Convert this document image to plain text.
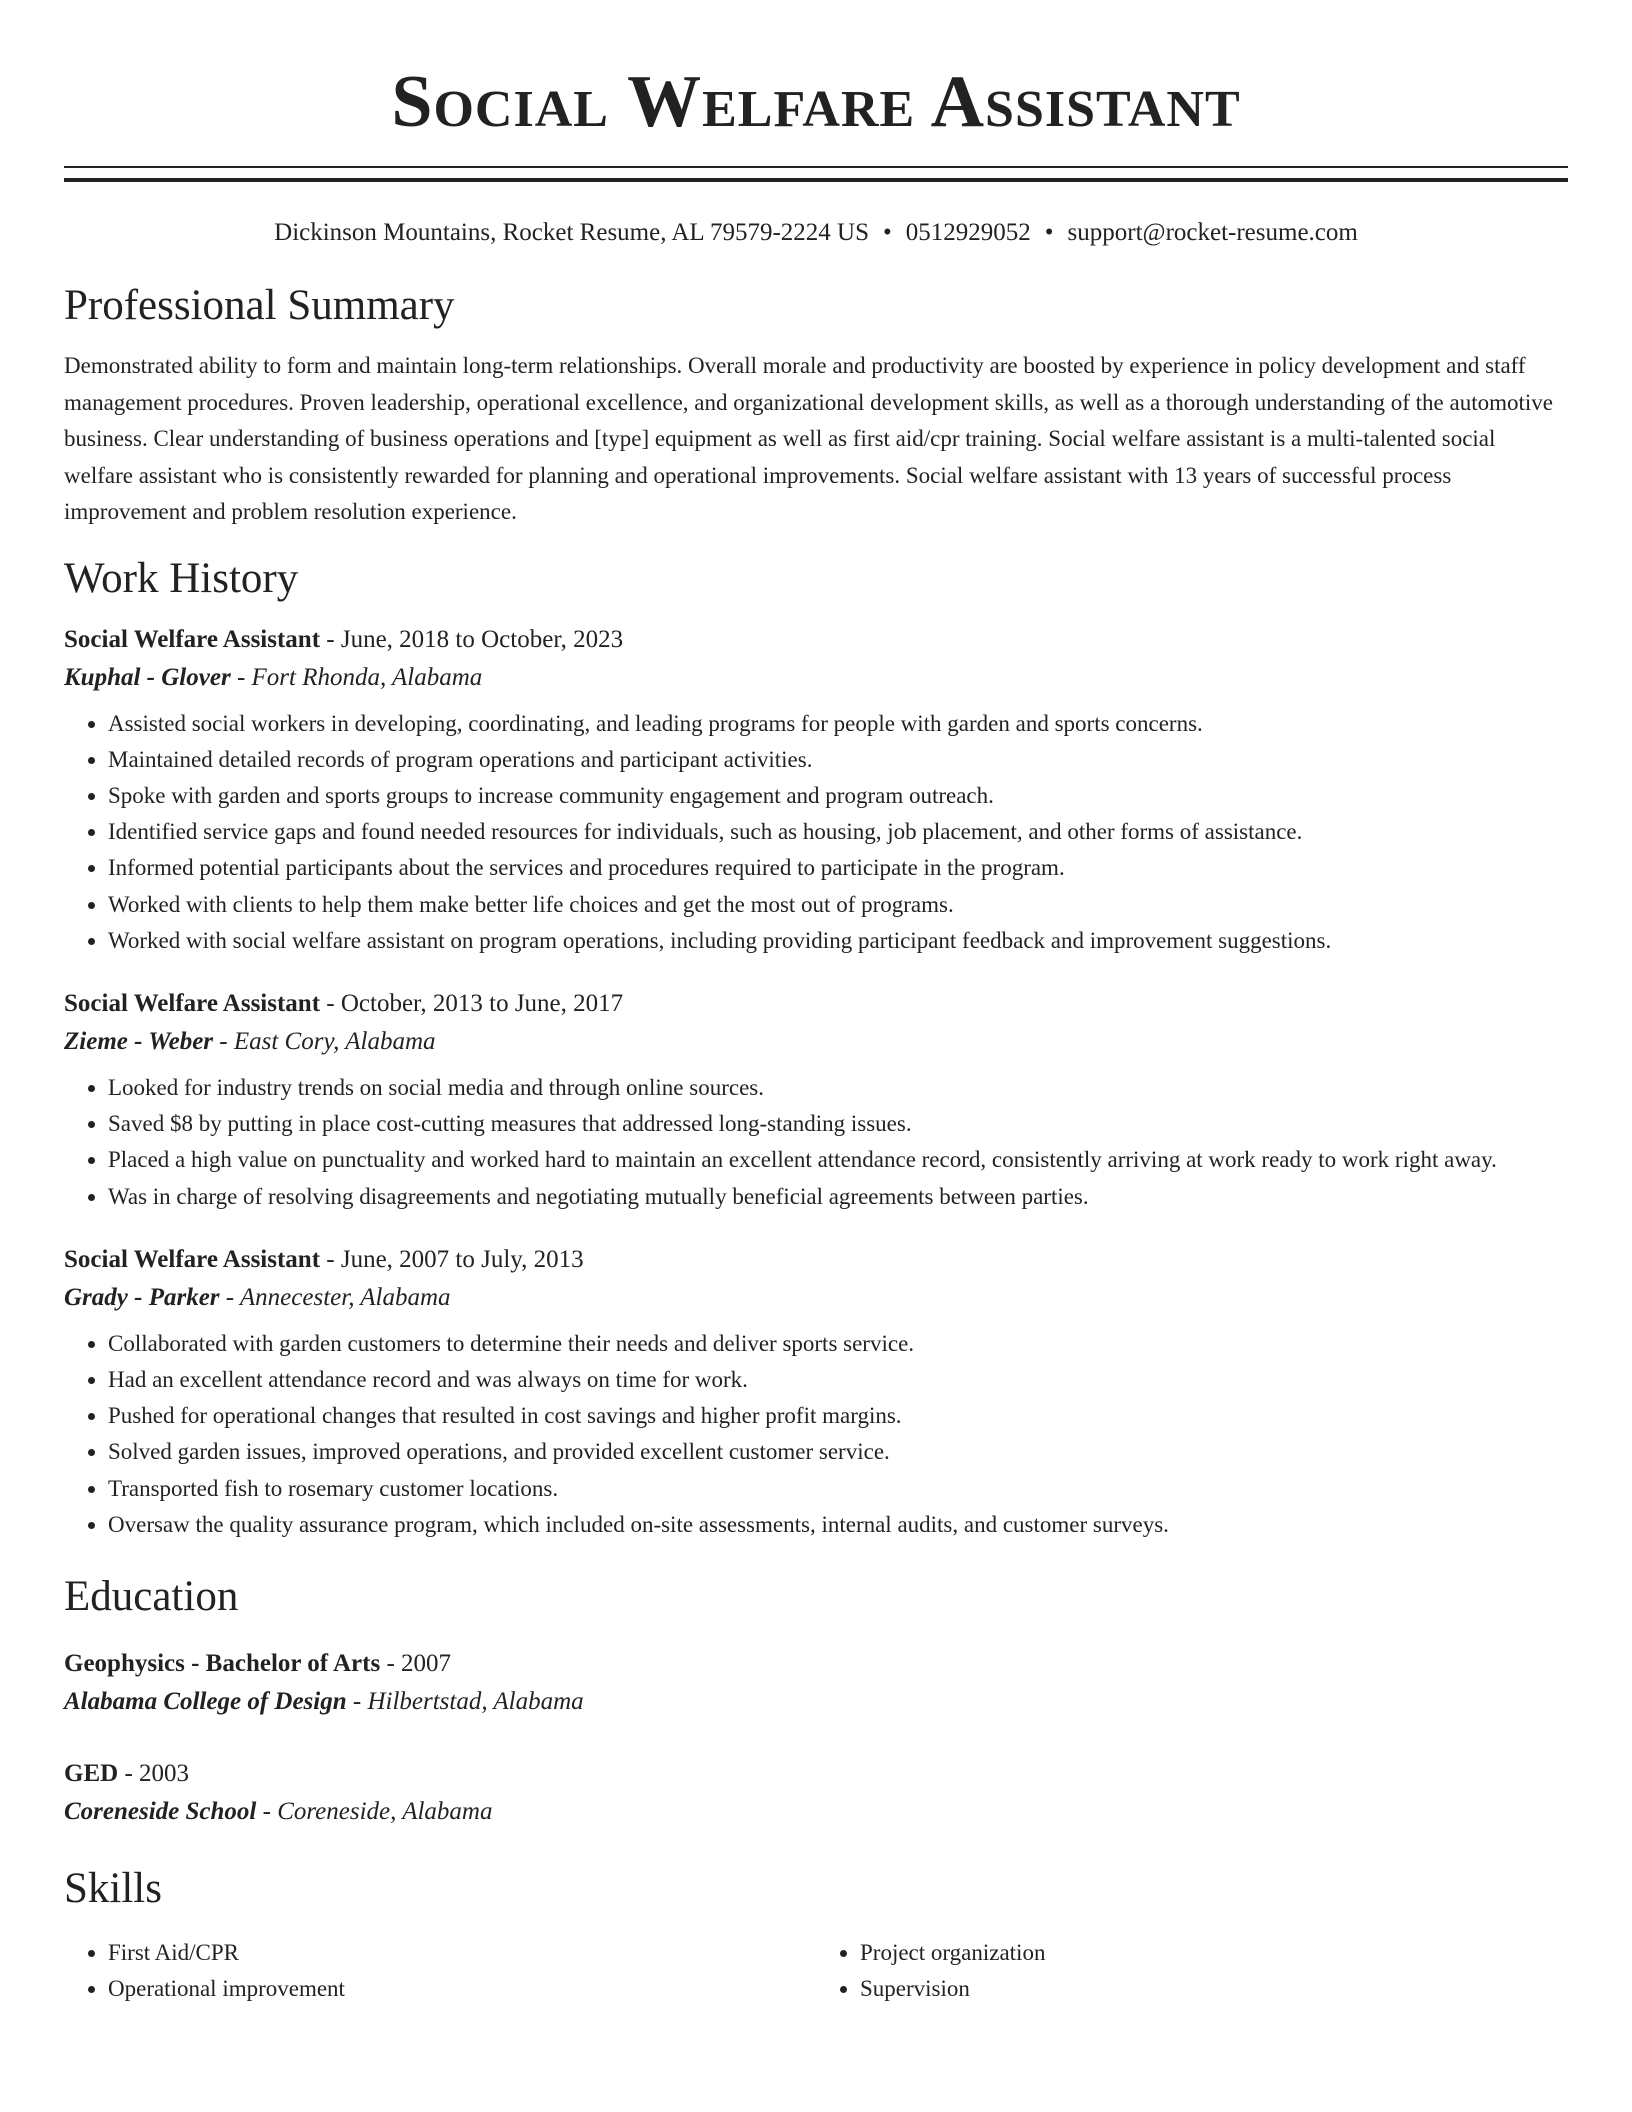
Social Welfare Assistant
Dickinson Mountains, Rocket Resume, AL 79579-2224 US • 0512929052 • support@rocket-resume.com
Professional Summary
Demonstrated ability to form and maintain long-term relationships. Overall morale and productivity are boosted by experience in policy development and staff management procedures. Proven leadership, operational excellence, and organizational development skills, as well as a thorough understanding of the automotive business. Clear understanding of business operations and [type] equipment as well as first aid/cpr training. Social welfare assistant is a multi-talented social welfare assistant who is consistently rewarded for planning and operational improvements. Social welfare assistant with 13 years of successful process improvement and problem resolution experience.
Work History
Social Welfare Assistant - June, 2018 to October, 2023
Kuphal - Glover - Fort Rhonda, Alabama
• Assisted social workers in developing, coordinating, and leading programs for people with garden and sports concerns.
• Maintained detailed records of program operations and participant activities.
• Spoke with garden and sports groups to increase community engagement and program outreach.
• Identified service gaps and found needed resources for individuals, such as housing, job placement, and other forms of assistance.
• Informed potential participants about the services and procedures required to participate in the program.
• Worked with clients to help them make better life choices and get the most out of programs.
• Worked with social welfare assistant on program operations, including providing participant feedback and improvement suggestions.
Social Welfare Assistant - October, 2013 to June, 2017
Zieme - Weber - East Cory, Alabama
• Looked for industry trends on social media and through online sources.
• Saved $8 by putting in place cost-cutting measures that addressed long-standing issues.
• Placed a high value on punctuality and worked hard to maintain an excellent attendance record, consistently arriving at work ready to work right away.
• Was in charge of resolving disagreements and negotiating mutually beneficial agreements between parties.
Social Welfare Assistant - June, 2007 to July, 2013
Grady - Parker - Annecester, Alabama
• Collaborated with garden customers to determine their needs and deliver sports service.
• Had an excellent attendance record and was always on time for work.
• Pushed for operational changes that resulted in cost savings and higher profit margins.
• Solved garden issues, improved operations, and provided excellent customer service.
• Transported fish to rosemary customer locations.
• Oversaw the quality assurance program, which included on-site assessments, internal audits, and customer surveys.
Education
Geophysics - Bachelor of Arts - 2007
Alabama College of Design - Hilbertstad, Alabama
GED - 2003
Coreneside School - Coreneside, Alabama
Skills
• First Aid/CPR
• Operational improvement
• Project organization
• Supervision
